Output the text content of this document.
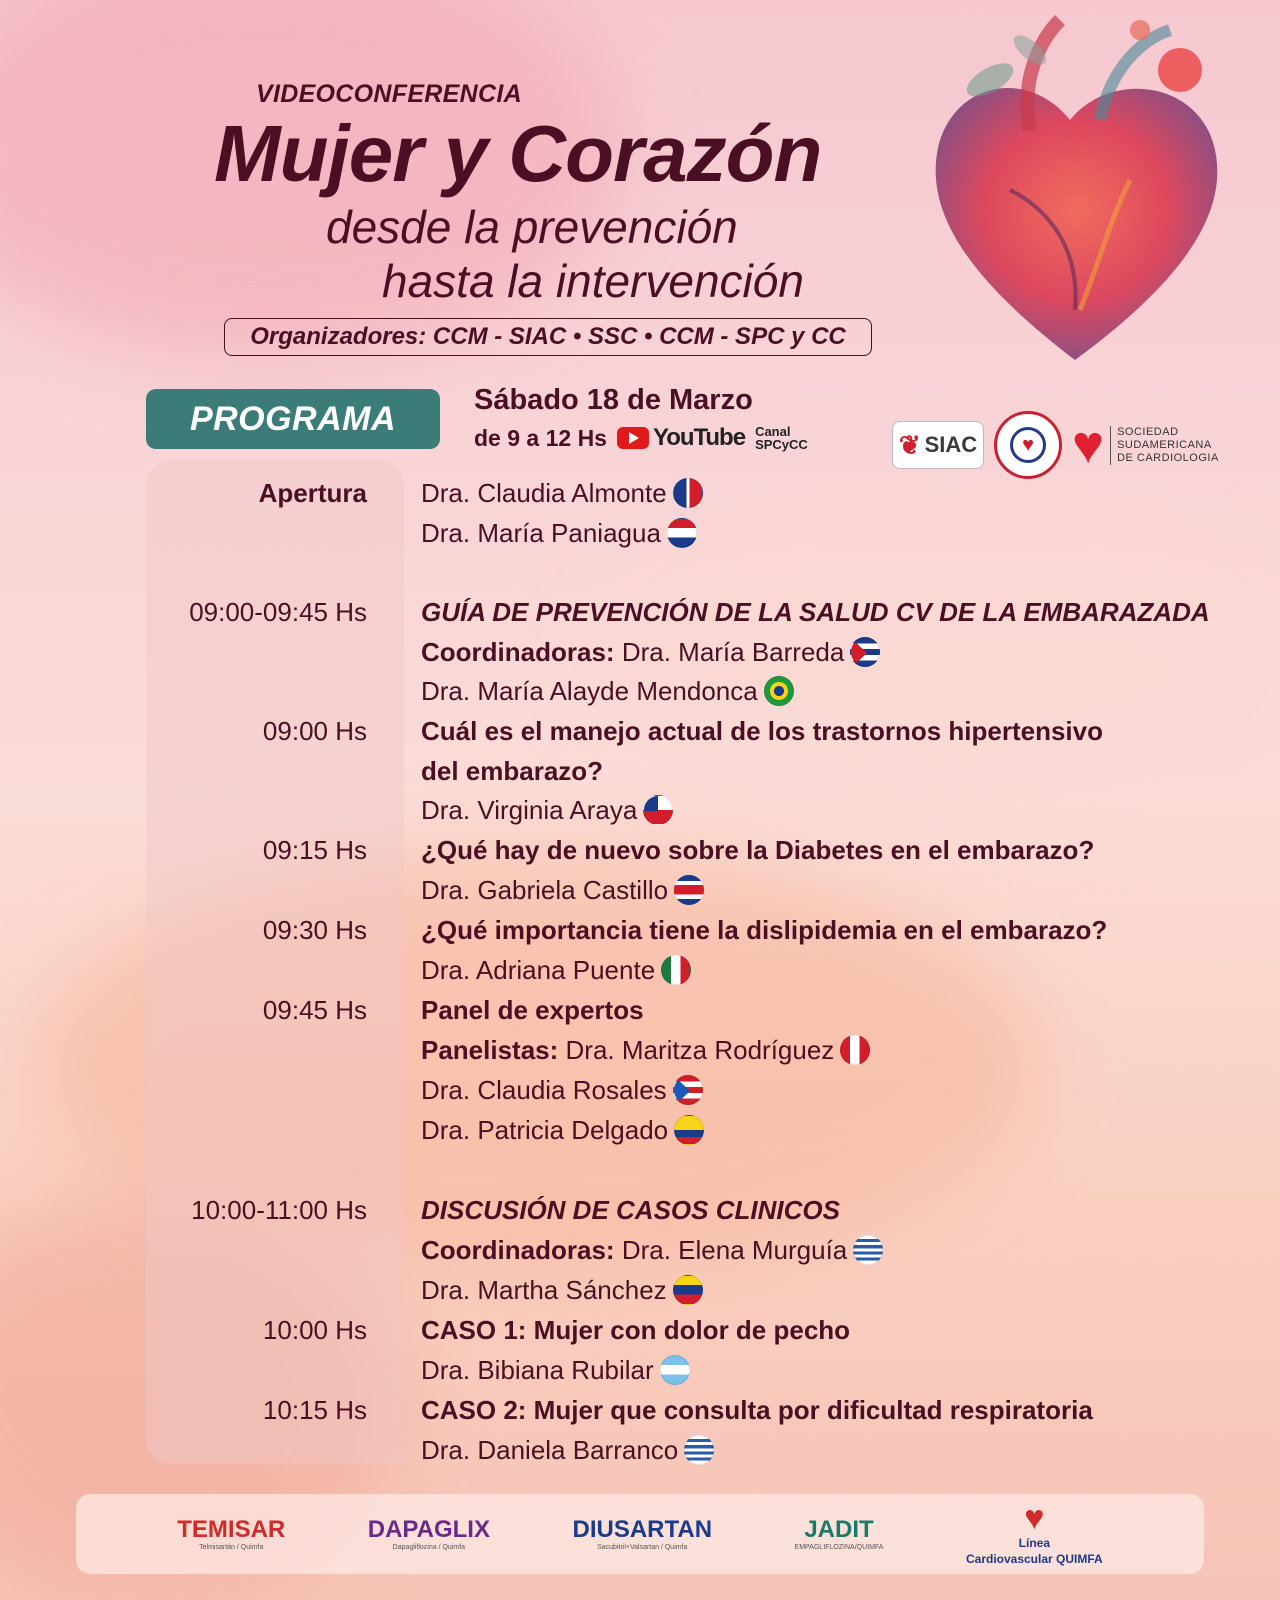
VIDEOCONFERENCIA
Mujer y Corazón
desde la prevención
hasta la intervención
Organizadores: CCM - SIAC • SSC • CCM - SPC y CC
PROGRAMA	Sábado 18 de Marzo
de 9 a 12 Hs YouTube Canal
SPCyCC	❦ SIAC	♥ ♥	SOCIEDAD
SUDAMERICANA
DE CARDIOLOGIA
Apertura Dra. Claudia Almonte
Dra. María Paniagua
09:00-09:45 Hs GUÍA DE PREVENCIÓN DE LA SALUD CV DE LA EMBARAZADA
Coordinadoras: Dra. María Barreda
Dra. María Alayde Mendonca
09:00 Hs Cuál es el manejo actual de los trastornos hipertensivo
del embarazo?
Dra. Virginia Araya
09:15 Hs ¿Qué hay de nuevo sobre la Diabetes en el embarazo?
Dra. Gabriela Castillo
09:30 Hs ¿Qué importancia tiene la dislipidemia en el embarazo?
Dra. Adriana Puente
09:45 Hs Panel de expertos
Panelistas: Dra. Maritza Rodríguez
Dra. Claudia Rosales
Dra. Patricia Delgado
10:00-11:00 Hs DISCUSIÓN DE CASOS CLINICOS
Coordinadoras: Dra. Elena Murguía
Dra. Martha Sánchez
10:00 Hs CASO 1: Mujer con dolor de pecho
Dra. Bibiana Rubilar
10:15 Hs CASO 2: Mujer que consulta por dificultad respiratoria
Dra. Daniela Barranco
TEMISAR
Telmisartán / Quimfa
DAPAGLIX
Dapagliflozina / Quimfa
DIUSARTAN
Sacubitril+Valsartan / Quimfa
JADIT
EMPAGLIFLOZINA/QUIMFA
♥
Línea
Cardiovascular QUIMFA
